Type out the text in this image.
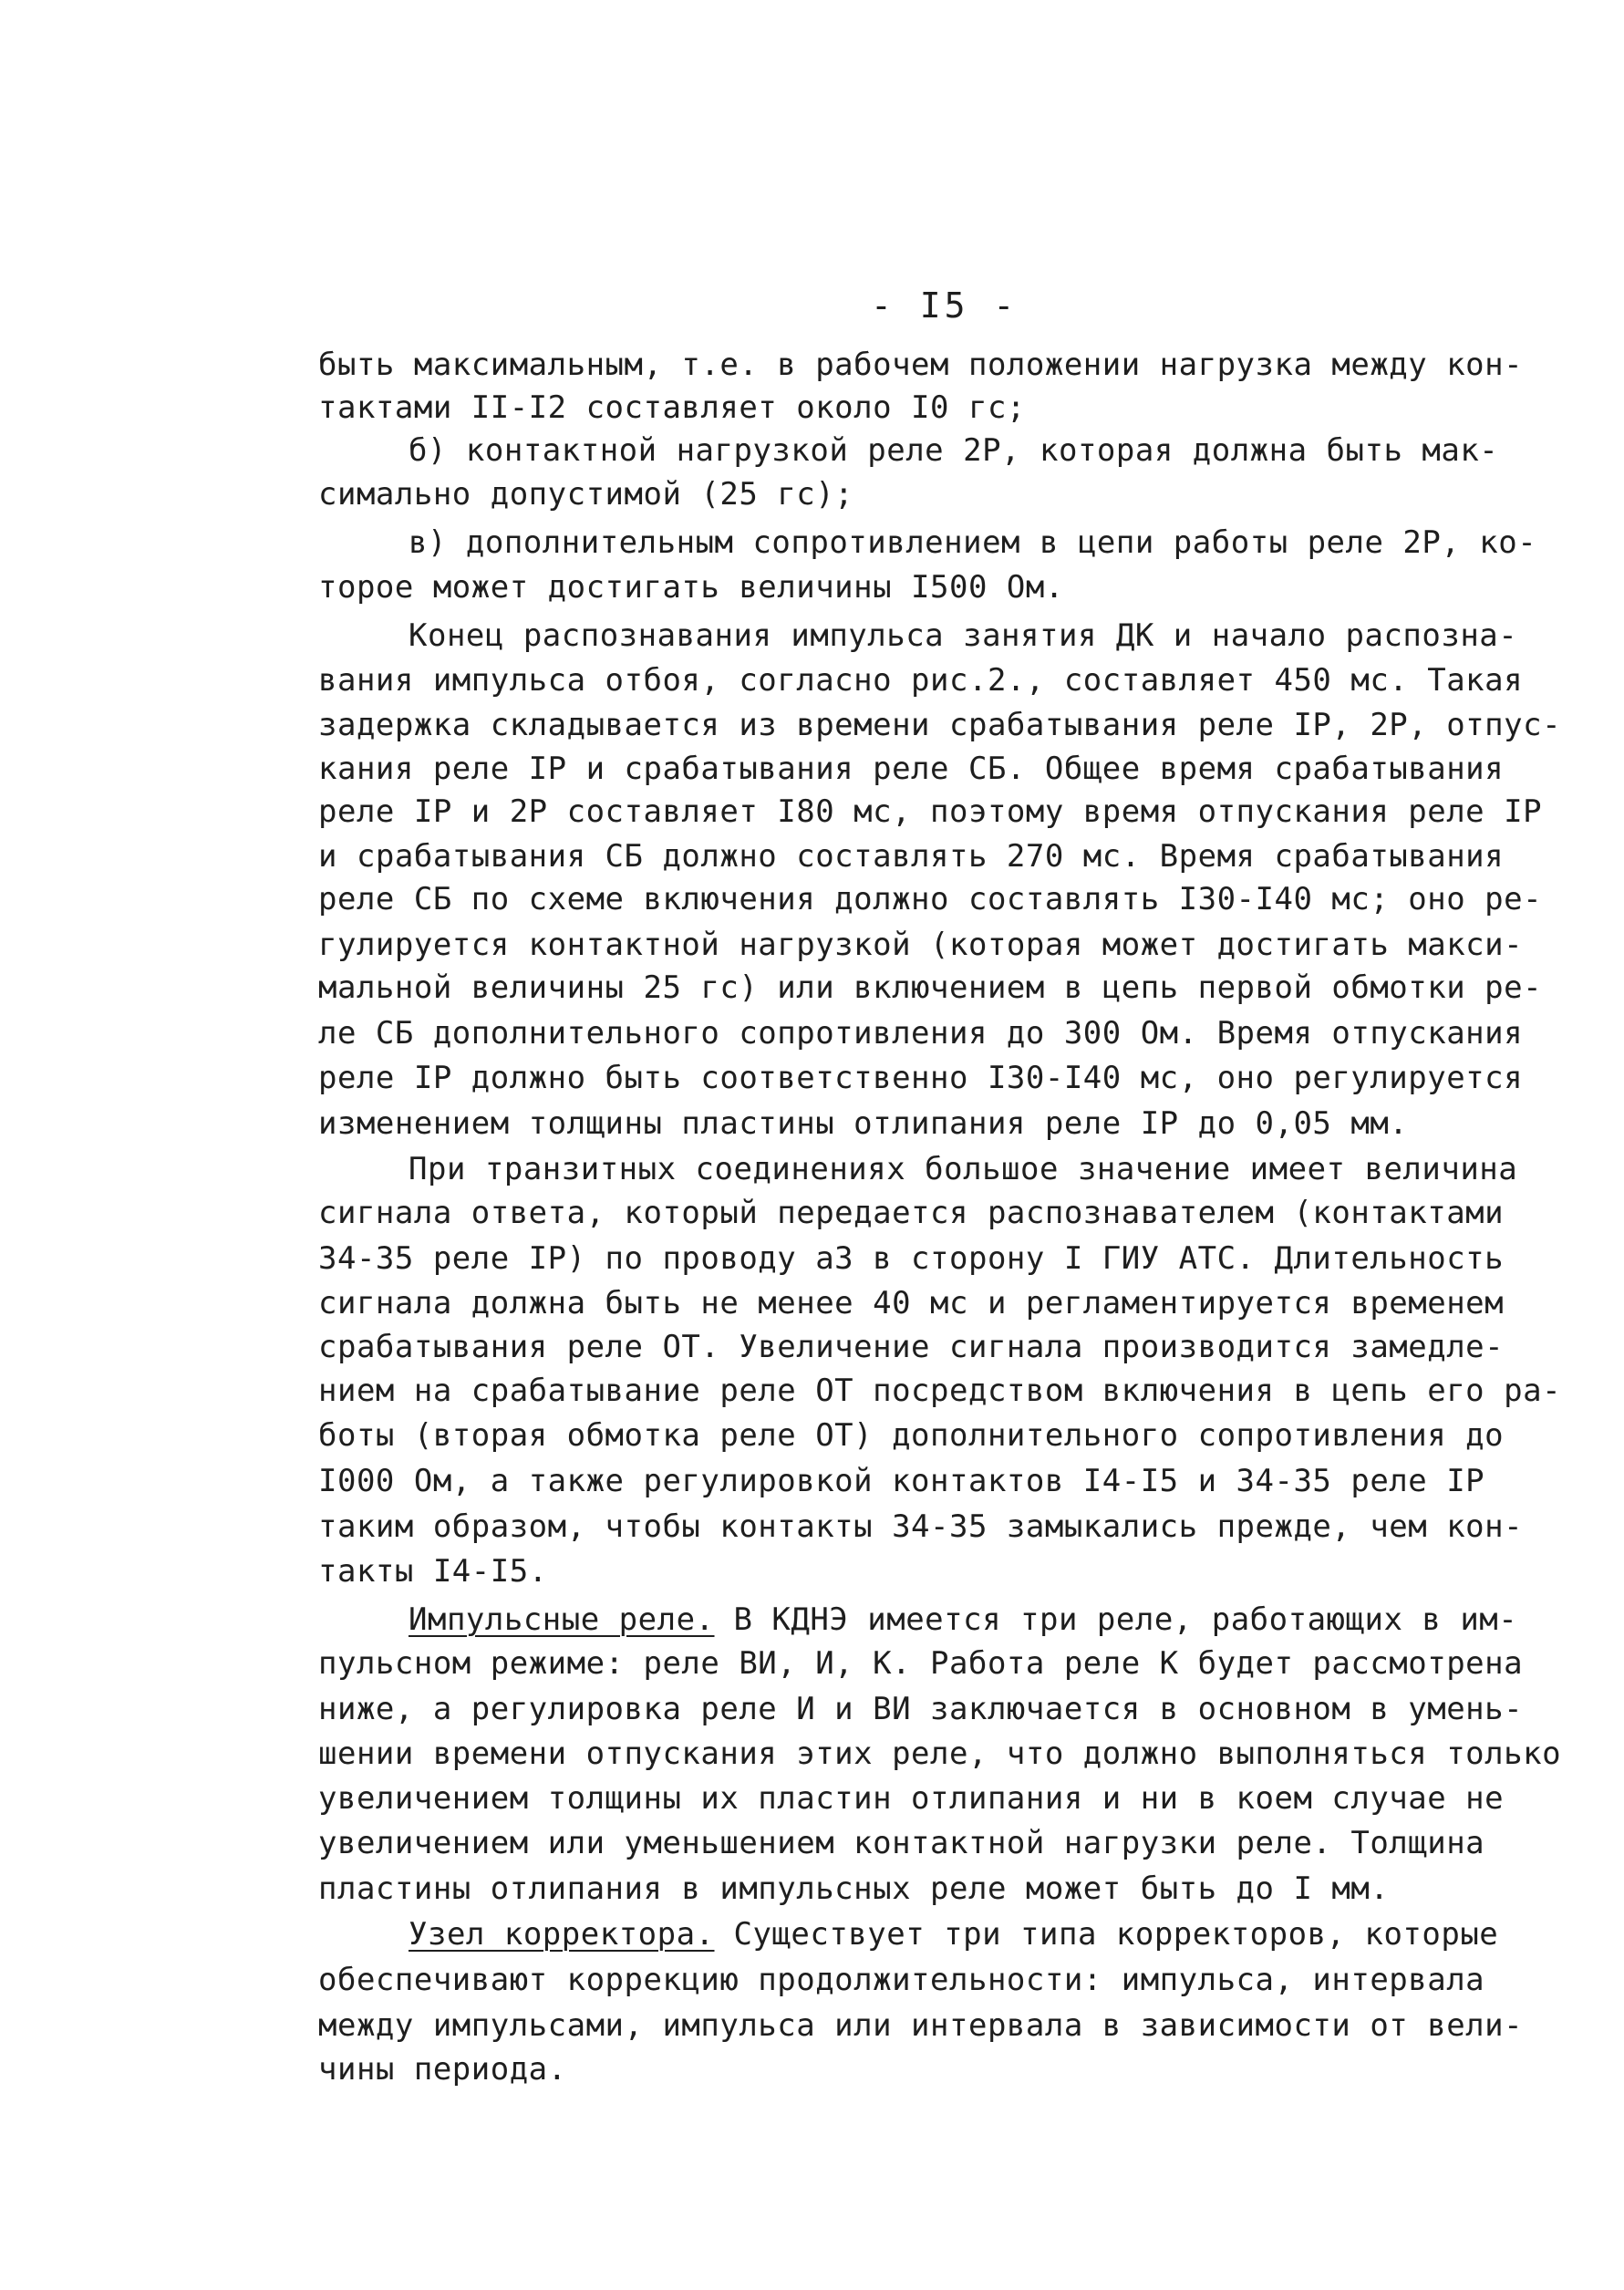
- I5 -
быть максимальным, т.е. в рабочем положении нагрузка между кон-
тактами II-I2 составляет около I0 гс;
б) контактной нагрузкой реле 2Р, которая должна быть мак-
симально допустимой (25 гс);
в) дополнительным сопротивлением в цепи работы реле 2Р, ко-
торое может достигать величины I500 Ом.
Конец распознавания импульса занятия ДК и начало распозна-
вания импульса отбоя, согласно рис.2., составляет 450 мс. Такая
задержка складывается из времени срабатывания реле IР, 2Р, отпус-
кания реле IР и срабатывания реле СБ. Общее время срабатывания
реле IР и 2Р составляет I80 мс, поэтому время отпускания реле IР
и срабатывания СБ должно составлять 270 мс. Время срабатывания
реле СБ по схеме включения должно составлять I30-I40 мс; оно ре-
гулируется контактной нагрузкой (которая может достигать макси-
мальной величины 25 гс) или включением в цепь первой обмотки ре-
ле СБ дополнительного сопротивления до 300 Ом. Время отпускания
реле IР должно быть соответственно I30-I40 мс, оно регулируется
изменением толщины пластины отлипания реле IР до 0,05 мм.
При транзитных соединениях большое значение имеет величина
сигнала ответа, который передается распознавателем (контактами
34-35 реле IР) по проводу а3 в сторону I ГИУ АТС. Длительность
сигнала должна быть не менее 40 мс и регламентируется временем
срабатывания реле ОТ. Увеличение сигнала производится замедле-
нием на срабатывание реле ОТ посредством включения в цепь его ра-
боты (вторая обмотка реле ОТ) дополнительного сопротивления до
I000 Ом, а также регулировкой контактов I4-I5 и 34-35 реле IР
таким образом, чтобы контакты 34-35 замыкались прежде, чем кон-
такты I4-I5.
Импульсные реле. В КДНЭ имеется три реле, работающих в им-
пульсном режиме: реле ВИ, И, К. Работа реле К будет рассмотрена
ниже, а регулировка реле И и ВИ заключается в основном в умень-
шении времени отпускания этих реле, что должно выполняться только
увеличением толщины их пластин отлипания и ни в коем случае не
увеличением или уменьшением контактной нагрузки реле. Толщина
пластины отлипания в импульсных реле может быть до I мм.
Узел корректора. Существует три типа корректоров, которые
обеспечивают коррекцию продолжительности: импульса, интервала
между импульсами, импульса или интервала в зависимости от вели-
чины периода.
